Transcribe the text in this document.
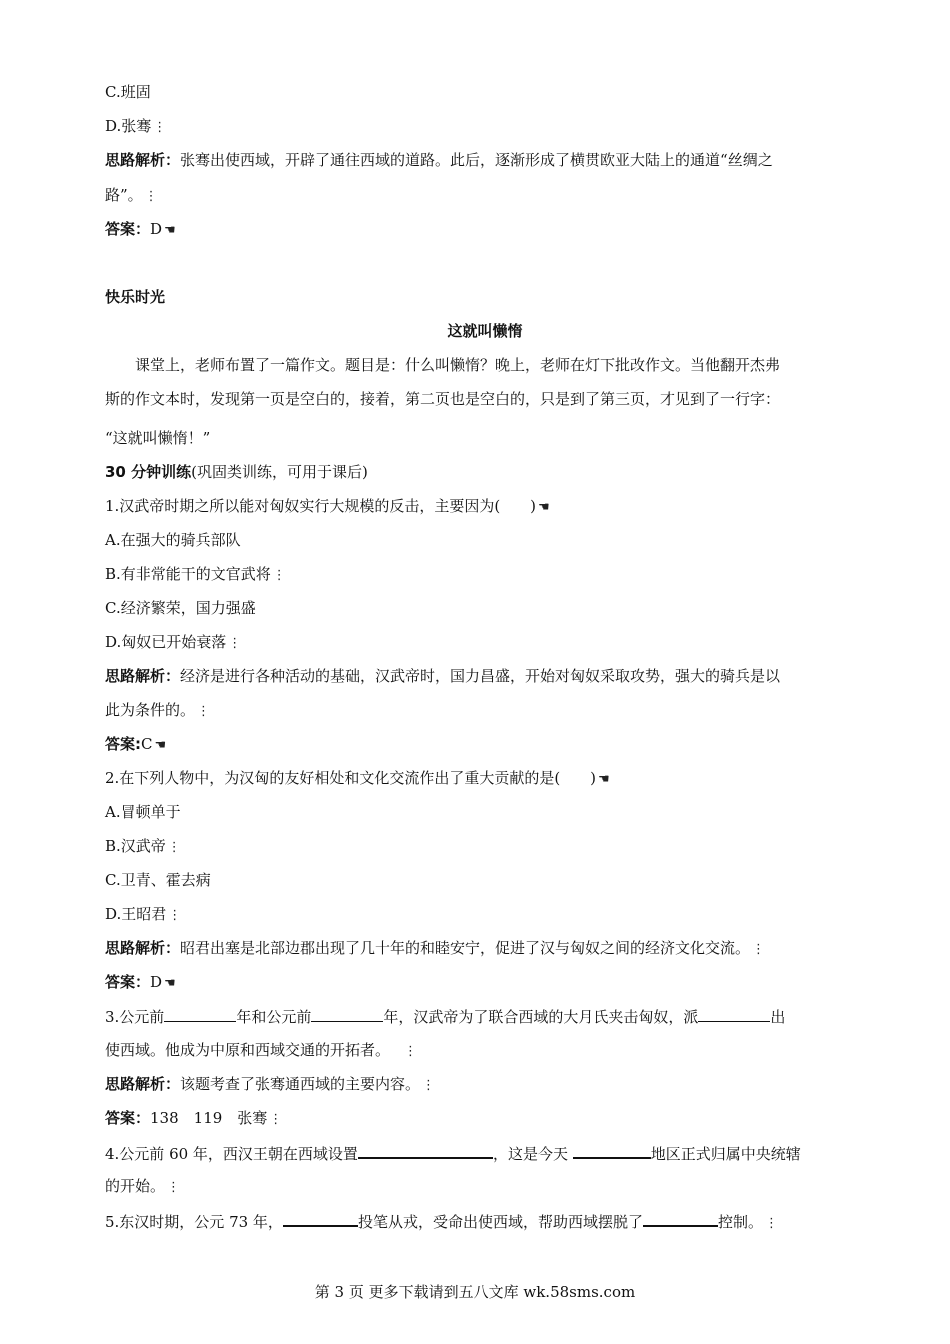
C.班固
D.张骞 ⋮
思路解析：张骞出使西域，开辟了通往西域的道路。此后，逐渐形成了横贯欧亚大陆上的通道“丝绸之
路”。 ⋮
答案：D ☚
快乐时光
这就叫懒惰
课堂上，老师布置了一篇作文。题目是：什么叫懒惰？晚上，老师在灯下批改作文。当他翻开杰弗
斯的作文本时，发现第一页是空白的，接着，第二页也是空白的，只是到了第三页，才见到了一行字：
“这就叫懒惰！”
30 分钟训练(巩固类训练，可用于课后)
1.汉武帝时期之所以能对匈奴实行大规模的反击，主要因为( ) ☚
A.在强大的骑兵部队
B.有非常能干的文官武将 ⋮
C.经济繁荣，国力强盛
D.匈奴已开始衰落 ⋮
思路解析：经济是进行各种活动的基础，汉武帝时，国力昌盛，开始对匈奴采取攻势，强大的骑兵是以
此为条件的。 ⋮
答案:C ☚
2.在下列人物中，为汉匈的友好相处和文化交流作出了重大贡献的是( ) ☚
A.冒顿单于
B.汉武帝 ⋮
C.卫青、霍去病
D.王昭君 ⋮
思路解析：昭君出塞是北部边郡出现了几十年的和睦安宁，促进了汉与匈奴之间的经济文化交流。 ⋮
答案：D ☚
3.公元前	年和公元前	年，汉武帝为了联合西域的大月氏夹击匈奴，派	出
使西域。他成为中原和西域交通的开拓者。 ⋮
思路解析：该题考查了张骞通西域的主要内容。 ⋮
答案：138　119　张骞 ⋮
4.公元前 60 年，西汉王朝在西域设置	，这是今天	地区正式归属中央统辖
的开始。 ⋮
5.东汉时期，公元 73 年，	投笔从戎，受命出使西域，帮助西域摆脱了	控制。 ⋮
第 3 页 更多下载请到五八文库 wk.58sms.com
